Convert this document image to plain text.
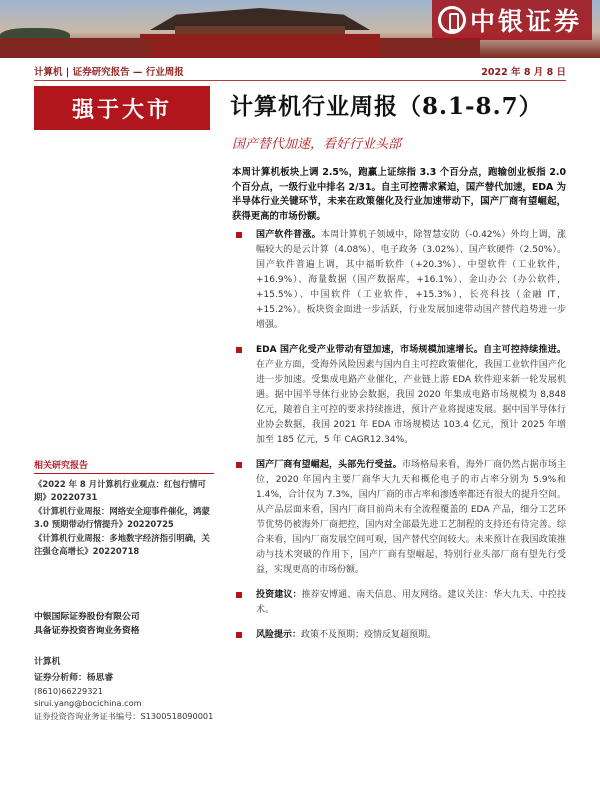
中银证券
计算机 | 证券研究报告 — 行业周报	2022 年 8 月 8 日
强于大市	计算机行业周报（8.1-8.7）
国产替代加速，看好行业头部
本周计算机板块上调 2.5%，跑赢上证综指 3.3 个百分点，跑输创业板指 2.0 个百分点，一级行业中排名 2/31。自主可控需求紧迫，国产替代加速，EDA 为半导体行业关键环节，未来在政策催化及行业加速带动下，国产厂商有望崛起，获得更高的市场份额。
国产软件普涨。本周计算机子领域中，除智慧安防（-0.42%）外均上调，涨幅较大的是云计算（4.08%）、电子政务（3.02%）、国产软硬件（2.50%）。国产软件普遍上调，其中福昕软件（+20.3%）、中望软件（工业软件，+16.9%）、海量数据（国产数据库，+16.1%）、金山办公（办公软件，+15.5%）、中国软件（工业软件，+15.3%），长亮科技（金融 IT，+15.2%）。板块资金面进一步活跃，行业发展加速带动国产替代趋势进一步增强。
EDA 国产化受产业带动有望加速，市场规模加速增长。自主可控持续推进。在产业方面，受海外风险因素与国内自主可控政策催化，我国工业软件国产化进一步加速。受集成电路产业催化，产业链上游 EDA 软件迎来新一轮发展机遇。据中国半导体行业协会数据，我国 2020 年集成电路市场规模为 8,848 亿元，随着自主可控的要求持续推进，预计产业将提速发展。据中国半导体行业协会数据，我国 2021 年 EDA 市场规模达 103.4 亿元，预计 2025 年增加至 185 亿元，5 年 CAGR12.34%。
国产厂商有望崛起，头部先行受益。市场格局来看，海外厂商仍然占据市场主位，2020 年国内主要厂商华大九天和概伦电子的市占率分别为 5.9%和 1.4%，合计仅为 7.3%，国内厂商的市占率和渗透率都还有很大的提升空间。从产品层面来看，国内厂商目前尚未有全流程覆盖的 EDA 产品，细分工艺环节优势仍被海外厂商把控，国内对全部最先进工艺制程的支持还有待完善。综合来看，国内厂商发展空间可观，国产替代空间较大。未来预计在我国政策推动与技术突破的作用下，国产厂商有望崛起，特别行业头部厂商有望先行受益，实现更高的市场份额。
投资建议：推荐安博通、南天信息、用友网络。建议关注：华大九天、中控技术。
风险提示：政策不及预期；疫情反复超预期。
相关研究报告
《2022 年 8 月计算机行业观点：红包行情可期》20220731
《计算机行业周报：网络安全迎事件催化，鸿蒙 3.0 预期带动行情提升》20220725
《计算机行业周报：多地数字经济指引明确，关注强仓高增长》20220718
中银国际证券股份有限公司
具备证券投资咨询业务资格
计算机
证券分析师：杨思睿
(8610)66229321
sirui.yang@bocichina.com
证券投资咨询业务证书编号：S1300518090001
